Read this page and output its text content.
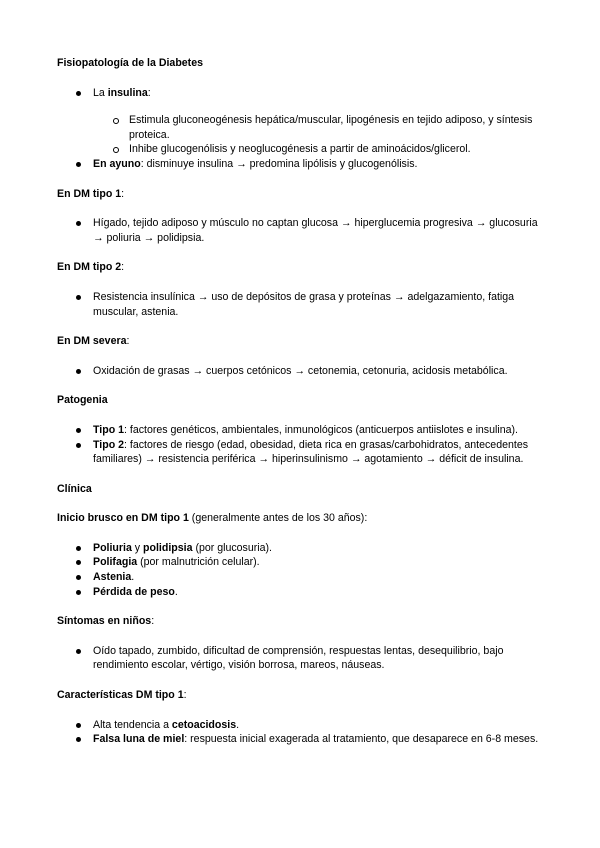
Fisiopatología de la Diabetes

La insulina:
Estimula gluconeogénesis hepática/muscular, lipogénesis en tejido adiposo, y síntesis proteica.
Inhibe glucogenólisis y neoglucogénesis a partir de aminoácidos/glicerol.
En ayuno: disminuye insulina → predomina lipólisis y glucogenólisis.

En DM tipo 1:

Hígado, tejido adiposo y músculo no captan glucosa → hiperglucemia progresiva → glucosuria → poliuria → polidipsia.

En DM tipo 2:

Resistencia insulínica → uso de depósitos de grasa y proteínas → adelgazamiento, fatiga muscular, astenia.

En DM severa:

Oxidación de grasas → cuerpos cetónicos → cetonemia, cetonuria, acidosis metabólica.

Patogenia

Tipo 1: factores genéticos, ambientales, inmunológicos (anticuerpos antiislotes e insulina).
Tipo 2: factores de riesgo (edad, obesidad, dieta rica en grasas/carbohidratos, antecedentes familiares) → resistencia periférica → hiperinsulinismo → agotamiento → déficit de insulina.

Clínica

Inicio brusco en DM tipo 1 (generalmente antes de los 30 años):

Poliuria y polidipsia (por glucosuria).
Polifagia (por malnutrición celular).
Astenia.
Pérdida de peso.

Síntomas en niños:

Oído tapado, zumbido, dificultad de comprensión, respuestas lentas, desequilibrio, bajo rendimiento escolar, vértigo, visión borrosa, mareos, náuseas.

Características DM tipo 1:

Alta tendencia a cetoacidosis.
Falsa luna de miel: respuesta inicial exagerada al tratamiento, que desaparece en 6-8 meses.
